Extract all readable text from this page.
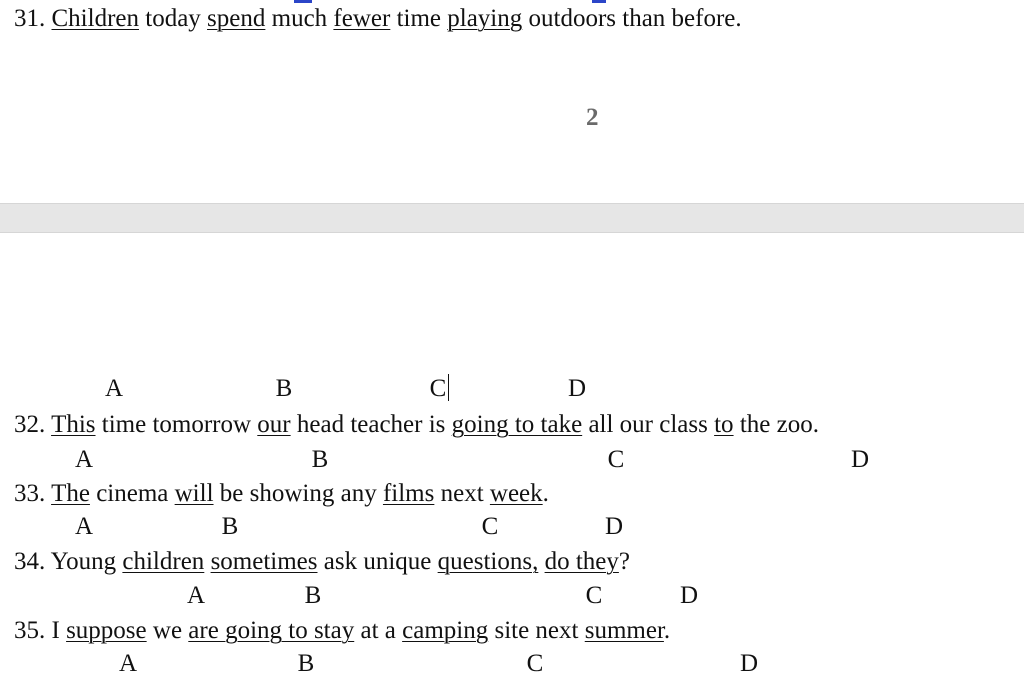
31. Children today spend much fewer time playing outdoors than before.
2
A	B	C	D
32. This time tomorrow our head teacher is going to take all our class to the zoo.
A	B	C	D
33. The cinema will be showing any films next week.
A	B	C	D
34. Young children sometimes ask unique questions, do they?
A	B	C	D
35. I suppose we are going to stay at a camping site next summer.
A	B	C	D
